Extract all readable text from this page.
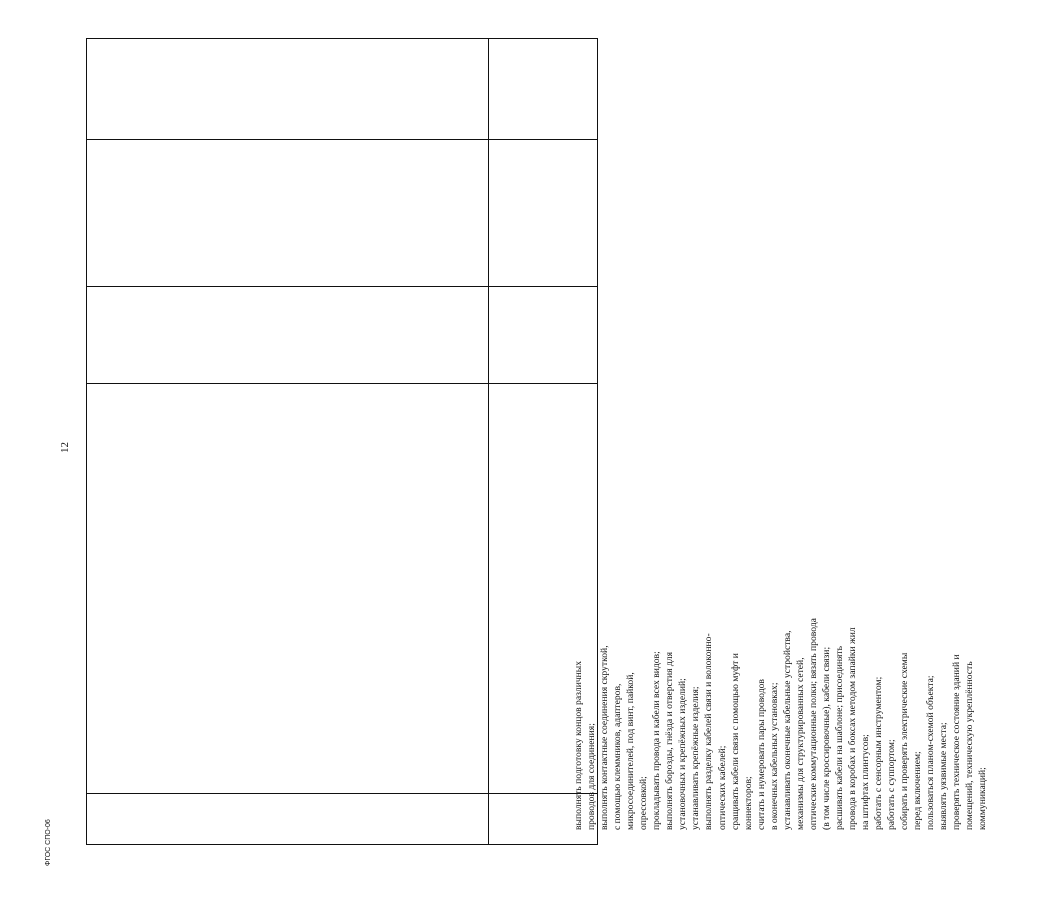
12

выполнять подготовку концов различных проводов для соединения; выполнять контактные соединения скруткой, с помощью клеммников, адаптеров, микросоединителей, под винт, пайкой, опрессовкой; прокладывать провода и кабели всех видов; выполнять борозды, гнёзда и отверстия для установочных и крепёжных изделий; устанавливать крепёжные изделия; выполнять разделку кабелей связи и волоконно- оптических кабелей; сращивать кабели связи с помощью муфт и коннекторов; считать и нумеровать пары проводов в оконечных кабельных установках; устанавливать оконечные кабельные устройства, механизмы для структурированных сетей, оптические коммутационные полки; вязать провода (в том числе кроссировочные), кабели связи; расшивать кабели на шаблоне; присоединять провода в коробах и боксах методом запайки жил на штифтах плинтусов; работать с сенсорным инструментом; работать с суппортом; собирать и проверять электрические схемы перед включением; пользоваться планом-схемой объекта; выявлять уязвимые места; проверять техническое состояние зданий и помещений, техническую укреплённость коммуникаций;

ФГОС СПО-06
